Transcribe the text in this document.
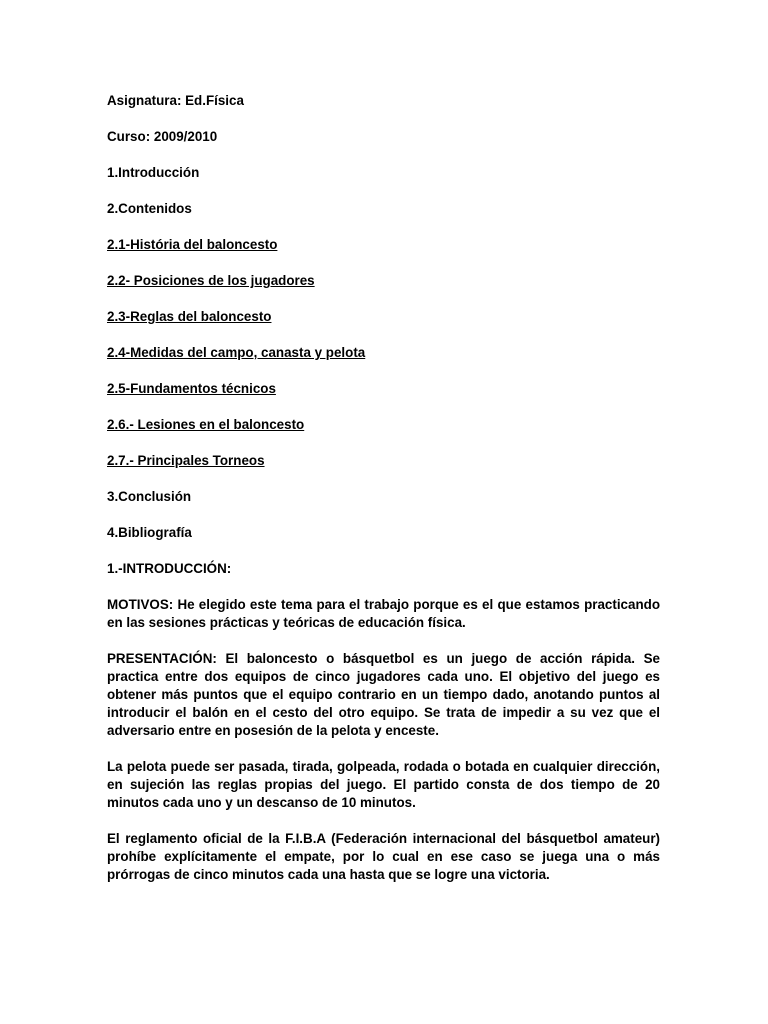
Asignatura: Ed.Física
Curso: 2009/2010
1.Introducción
2.Contenidos
2.1-História del baloncesto
2.2- Posiciones de los jugadores
2.3-Reglas del baloncesto
2.4-Medidas del campo, canasta y pelota
2.5-Fundamentos técnicos
2.6.- Lesiones en el baloncesto
2.7.- Principales Torneos
3.Conclusión
4.Bibliografía
1.-INTRODUCCIÓN:

MOTIVOS: He elegido este tema para el trabajo porque es el que estamos practicando en las sesiones prácticas y teóricas de educación física.

PRESENTACIÓN: El baloncesto o básquetbol es un juego de acción rápida. Se practica entre dos equipos de cinco jugadores cada uno. El objetivo del juego es obtener más puntos que el equipo contrario en un tiempo dado, anotando puntos al introducir el balón en el cesto del otro equipo. Se trata de impedir a su vez que el adversario entre en posesión de la pelota y enceste.

La pelota puede ser pasada, tirada, golpeada, rodada o botada en cualquier dirección, en sujeción las reglas propias del juego. El partido consta de dos tiempo de 20 minutos cada uno y un descanso de 10 minutos.

El reglamento oficial de la F.I.B.A (Federación internacional del básquetbol amateur) prohíbe explícitamente el empate, por lo cual en ese caso se juega una o más prórrogas de cinco minutos cada una hasta que se logre una victoria.
